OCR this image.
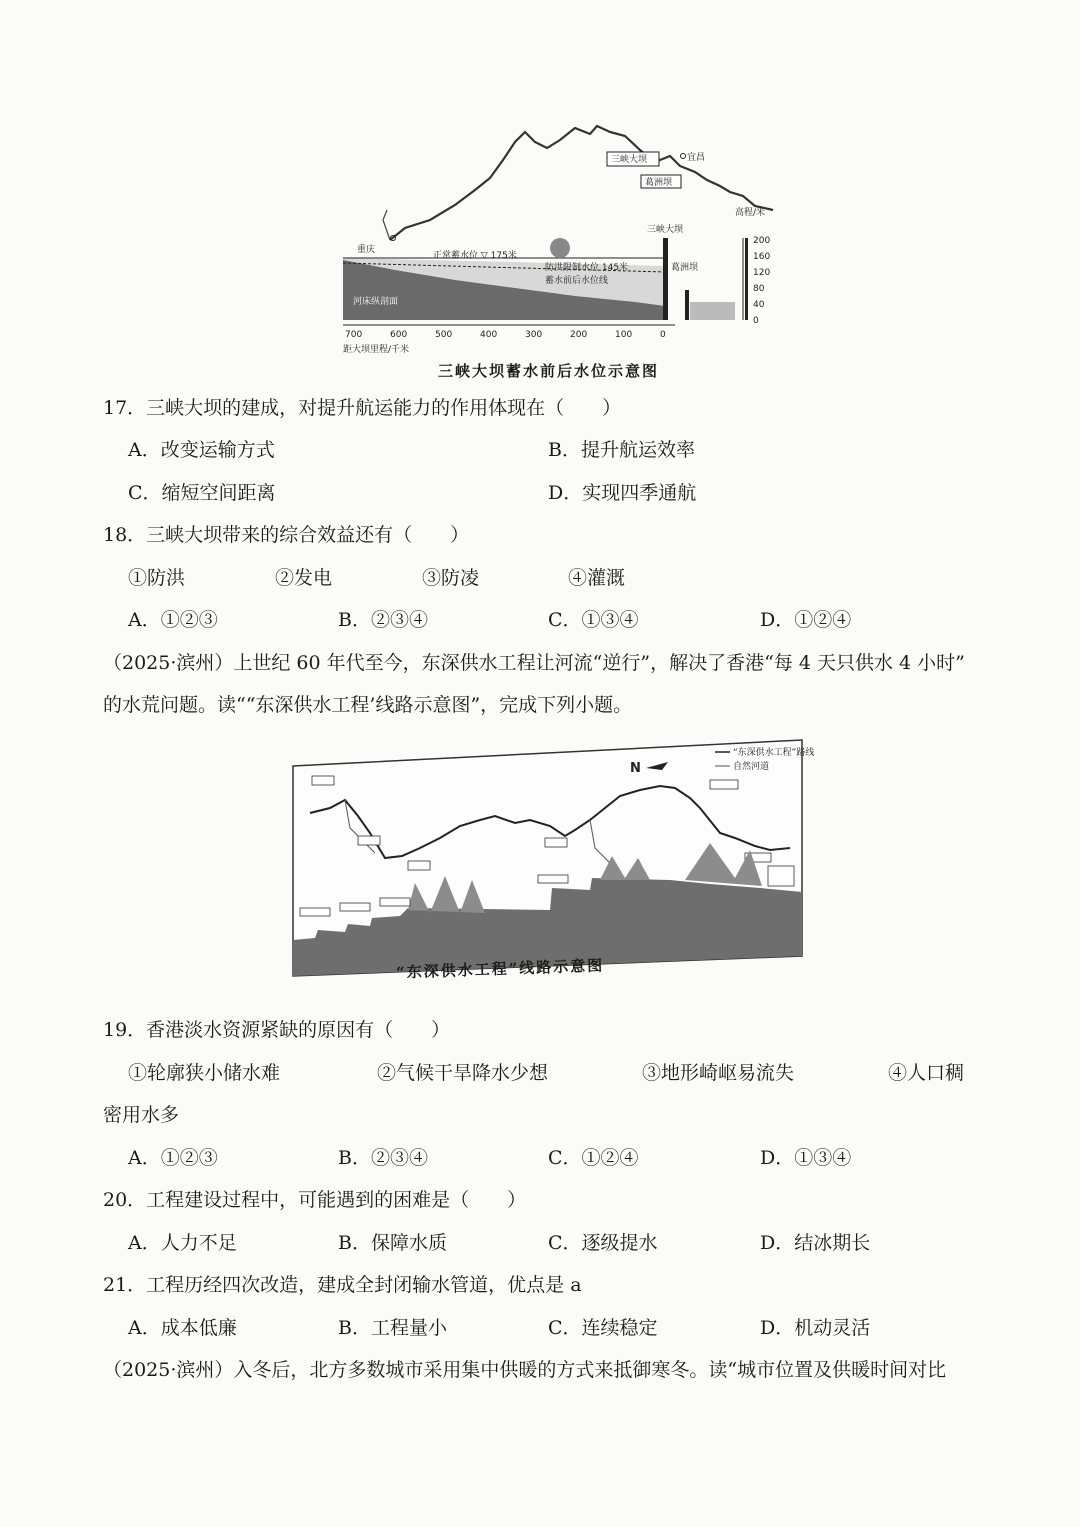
三峡大坝
葛洲坝
宜昌
重庆
正常蓄水位 ▽ 175米
防洪限制水位 145米
蓄水前后水位线
河床纵剖面
三峡大坝
葛洲坝
高程/米
200
160
120
80
40
0
700	600	500	400	300	200	100	0
距大坝里程/千米
三峡大坝蓄水前后水位示意图
17．三峡大坝的建成，对提升航运能力的作用体现在（　　）
A．改变运输方式	B．提升航运效率
C．缩短空间距离	D．实现四季通航
18．三峡大坝带来的综合效益还有（　　）
①防洪	②发电	③防凌	④灌溉
A．①②③	B．②③④	C．①③④	D．①②④
（2025·滨州）上世纪 60 年代至今，东深供水工程让河流“逆行”，解决了香港“每 4 天只供水 4 小时”
的水荒问题。读““东深供水工程’线路示意图”，完成下列小题。
N
“东深供水工程”路线
自然河道
“东深供水工程”线路示意图
19．香港淡水资源紧缺的原因有（　　）
①轮廓狭小储水难	②气候干旱降水少想	③地形崎岖易流失	④人口稠
密用水多
A．①②③	B．②③④	C．①②④	D．①③④
20．工程建设过程中，可能遇到的困难是（　　）
A．人力不足	B．保障水质	C．逐级提水	D．结冰期长
21．工程历经四次改造，建成全封闭输水管道，优点是 a
A．成本低廉	B．工程量小	C．连续稳定	D．机动灵活
（2025·滨州）入冬后，北方多数城市采用集中供暖的方式来抵御寒冬。读“城市位置及供暖时间对比
